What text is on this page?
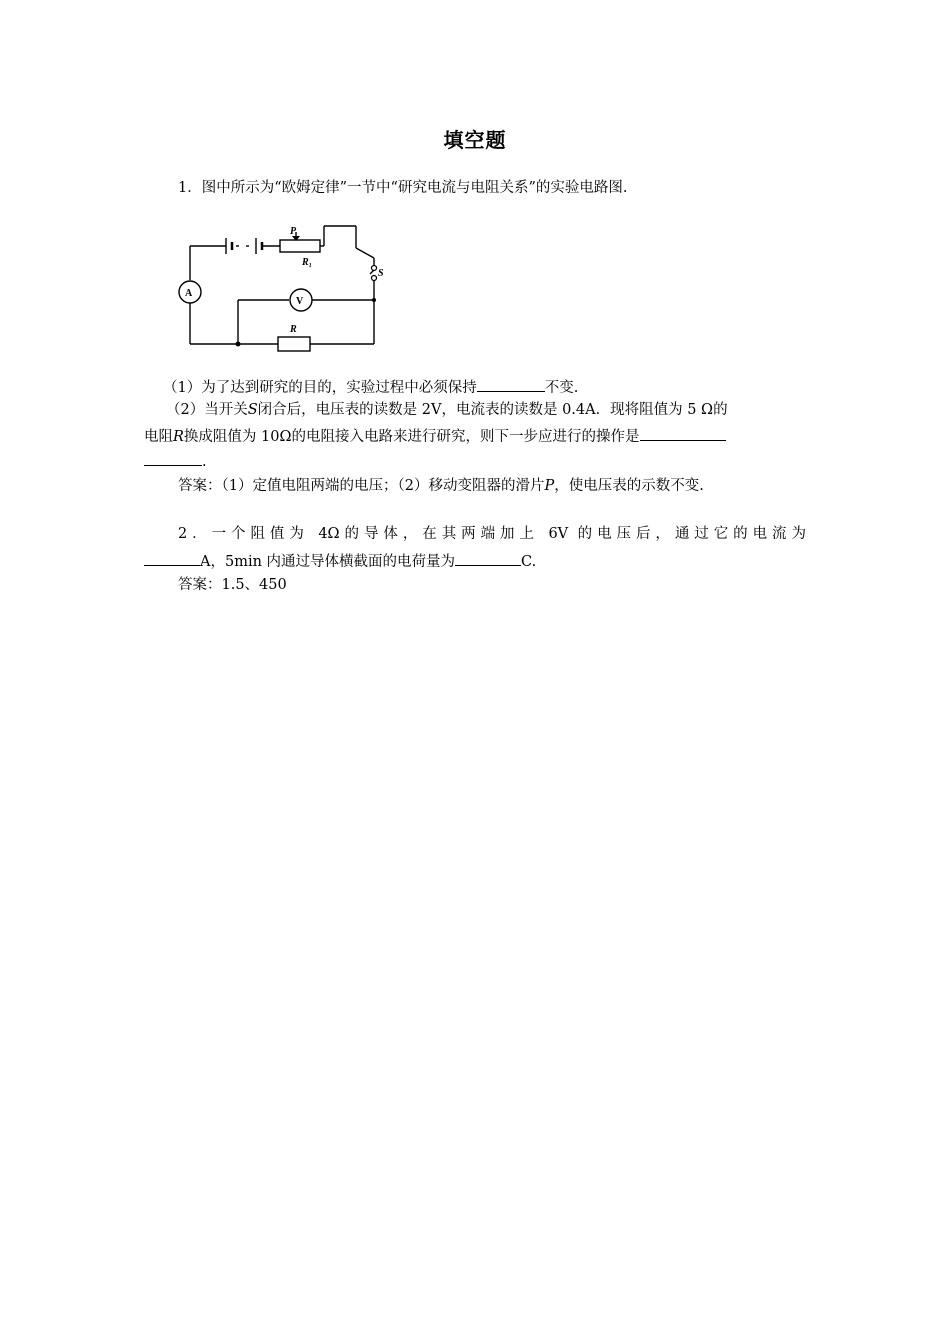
填空题
1．图中所示为“欧姆定律”一节中“研究电流与电阻关系”的实验电路图.
A
V
R
R₁
P
S
（1）为了达到研究的目的，实验过程中必须保持	不变.
（2）当开关S闭合后，电压表的读数是 2V，电流表的读数是 0.4A．现将阻值为 5 Ω的
电阻R换成阻值为 10Ω的电阻接入电路来进行研究，则下一步应进行的操作是
.
答案：（1）定值电阻两端的电压；（2）移动变阻器的滑片P，使电压表的示数不变.
2．一个阻值为 4Ω的导体，在其两端加上 6V 的电压后，通过它的电流为
A，5min 内通过导体横截面的电荷量为	C.
答案：1.5、450
